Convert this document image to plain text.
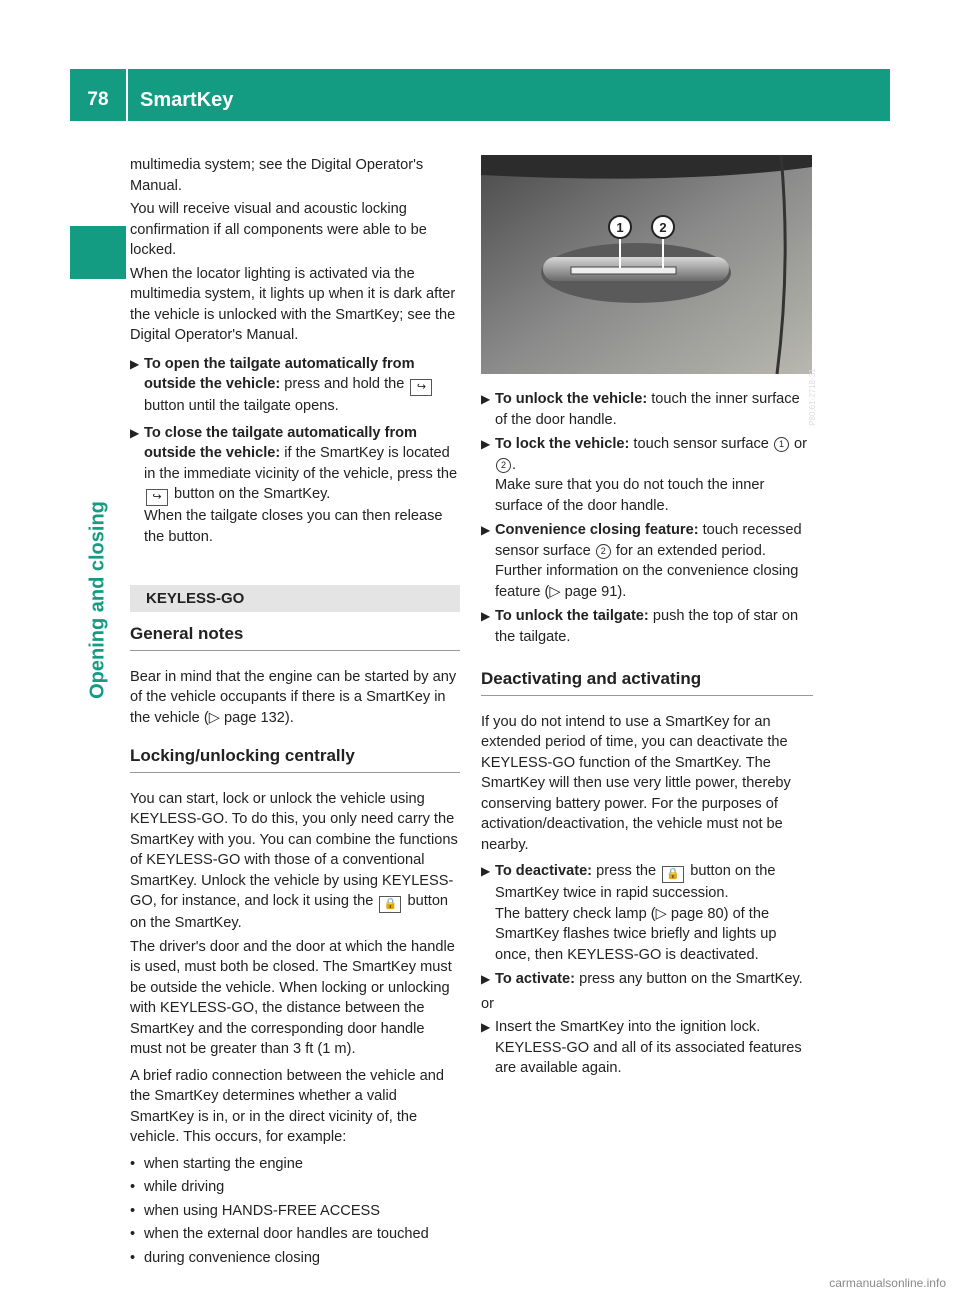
78	SmartKey
Opening and closing

multimedia system; see the Digital Operator's Manual.

You will receive visual and acoustic locking confirmation if all components were able to be locked.

When the locator lighting is activated via the multimedia system, it lights up when it is dark after the vehicle is unlocked with the SmartKey; see the Digital Operator's Manual.

▶ To open the tailgate automatically from outside the vehicle: press and hold the ↪ button until the tailgate opens.
▶ To close the tailgate automatically from outside the vehicle: if the SmartKey is located in the immediate vicinity of the vehicle, press the ↪ button on the SmartKey.
When the tailgate closes you can then release the button.
KEYLESS-GO
General notes

Bear in mind that the engine can be started by any of the vehicle occupants if there is a SmartKey in the vehicle (▷ page 132).

Locking/unlocking centrally

You can start, lock or unlock the vehicle using KEYLESS-GO. To do this, you only need carry the SmartKey with you. You can combine the functions of KEYLESS-GO with those of a conventional SmartKey. Unlock the vehicle by using KEYLESS-GO, for instance, and lock it using the 🔒 button on the SmartKey.

The driver's door and the door at which the handle is used, must both be closed. The SmartKey must be outside the vehicle. When locking or unlocking with KEYLESS-GO, the distance between the SmartKey and the corresponding door handle must not be greater than 3 ft (1 m).

A brief radio connection between the vehicle and the SmartKey determines whether a valid SmartKey is in, or in the direct vicinity of, the vehicle. This occurs, for example:

• when starting the engine
• while driving
• when using HANDS-FREE ACCESS
• when the external door handles are touched
• during convenience closing
1	2
P80.61-2718-31
▶ To unlock the vehicle: touch the inner surface of the door handle.
▶ To lock the vehicle: touch sensor surface 1 or 2 .
Make sure that you do not touch the inner surface of the door handle.
▶ Convenience closing feature: touch recessed sensor surface 2 for an extended period.
Further information on the convenience closing feature (▷ page 91).
▶ To unlock the tailgate: push the top of star on the tailgate.
Deactivating and activating

If you do not intend to use a SmartKey for an extended period of time, you can deactivate the KEYLESS-GO function of the SmartKey. The SmartKey will then use very little power, thereby conserving battery power. For the purposes of activation/deactivation, the vehicle must not be nearby.

▶ To deactivate: press the 🔒 button on the SmartKey twice in rapid succession.
The battery check lamp (▷ page 80) of the SmartKey flashes twice briefly and lights up once, then KEYLESS-GO is deactivated.
▶ To activate: press any button on the SmartKey.

or

▶ Insert the SmartKey into the ignition lock.
KEYLESS-GO and all of its associated features are available again.
carmanualsonline.info
